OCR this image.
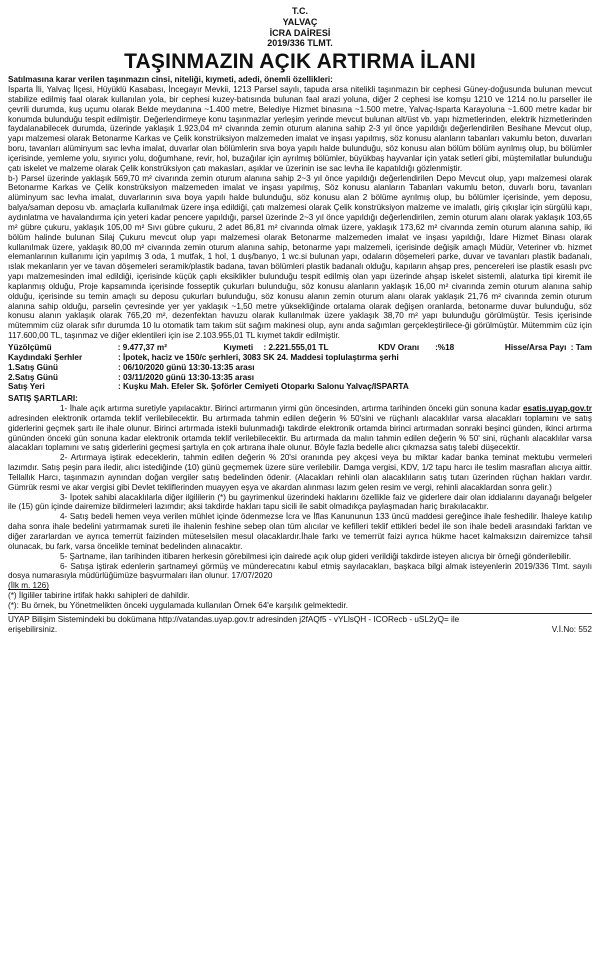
T.C.
YALVAÇ
İCRA DAİRESİ
2019/336 TLMT.
TAŞINMAZIN AÇIK ARTIRMA İLANI

Satılmasına karar verilen taşınmazın cinsi, niteliği, kıymeti, adedi, önemli özellikleri:

Isparta İli, Yalvaç İlçesi, Hüyüklü Kasabası, İncegayır Mevkii, 1213 Parsel sayılı, tapuda arsa nitelikli taşınmazın bir cephesi Güney-doğusunda bulunan mevcut stabilize edilmiş faal olarak kullanılan yola, bir cephesi kuzey-batısında bulunan faal arazi yoluna, diğer 2 cephesi ise komşu 1210 ve 1214 no.lu parseller ile çevrili durumda, kuş uçumu olarak Belde meydanına ~1.400 metre, Belediye Hizmet binasına ~1.500 metre, Yalvaç-Isparta Karayoluna ~1.600 metre kadar bir konumda bulunduğu tespit edilmiştir. Değerlendirmeye konu taşınmazlar yerleşim yerinde mevcut bulunan alt/üst vb. yapı hizmetlerinden, elektrik hizmetlerinden faydalanabilecek durumda, üzerinde yaklaşık 1.923,04 m² civarında zemin oturum alanına sahip 2-3 yıl önce yapıldığı değerlendirilen Besihane Mevcut olup, yapı malzemesi olarak Betonarme Karkas ve Çelik konstrüksiyon malzemeden imalat ve inşası yapılmış, söz konusu alanların tabanları vakumlu beton, duvarları boru, tavanları alüminyum sac levha imalat, duvarlar olan bölümlerin sıva boya yapılı halde bulunduğu, söz konusu alan bölüm bölüm ayrılmış olup, bu bölümler içerisinde, yemleme yolu, sıyırıcı yolu, doğumhane, revir, hol, buzağılar için ayrılmış bölümler, büyükbaş hayvanlar için yatak setleri gibi, müştemilatlar bulunduğu çatı iskelet ve malzeme olarak Çelik konstrüksiyon çatı makasları, aşıklar ve üzerinin ise sac levha ile kapatıldığı gözlenmiştir.

b-) Parsel üzerinde yaklaşık 569,70 m² civarında zemin oturum alanına sahip 2~3 yıl önce yapıldığı değerlendirilen Depo Mevcut olup, yapı malzemesi olarak Betonarme Karkas ve Çelik konstrüksiyon malzemeden imalat ve inşası yapılmış, Söz konusu alanların Tabanları vakumlu beton, duvarlı boru, tavanları alüminyum sac levha imalat, duvarlarının sıva boya yapılı halde bulunduğu, söz konusu alan 2 bölüme ayrılmış olup, bu bölümler içerisinde, yem deposu, balya/saman deposu vb. amaçlarla kullanılmak üzere inşa edildiği, çatı malzemesi olarak Çelik konstrüksiyon malzeme ve imalatlı, giriş çıkışlar için sürgülü kapı, aydınlatma ve havalandırma için yeteri kadar pencere yapıldığı, parsel üzerinde 2~3 yıl önce yapıldığı değerlendirilen, zemin oturum alanı olarak yaklaşık 103,65 m² gübre çukuru, yaklaşık 105,00 m² Sıvı gübre çukuru, 2 adet 86,81 m² civarında olmak üzere, yaklaşık 173,62 m² civarında zemin oturum alanına sahip, iki bölüm halinde bulunan Silaj Çukuru mevcut olup yapı malzemesi olarak Betonarme malzemeden imalat ve inşası yapıldığı, İdare Hizmet Binası olarak kullanılmak üzere, yaklaşık 80,00 m² civarında zemin oturum alanına sahip, betonarme yapı malzemeli, içerisinde değişik amaçlı Müdür, Veteriner vb. hizmet elemanlarının kullanımı için yapılmış 3 oda, 1 mutfak, 1 hol, 1 duş/banyo, 1 wc.si bulunan yapı, odaların döşemeleri parke, duvar ve tavanları plastik badanalı, ıslak mekanların yer ve tavan döşemeleri seramik/plastik badana, tavan bölümleri plastik badanalı olduğu, kapıların ahşap pres, pencereleri ise plastik esaslı pvc yapı malzemesinden imal edildiği, içerisinde küçük çaplı eksiklikler bulunduğu tespit edilmiş olan yapı üzerinde ahşap iskelet sistemli, alaturka tipi kiremit ile kaplanmış olduğu, Proje kapsamında içerisinde fosseptik çukurları bulunduğu, söz konusu alanların yaklaşık 16,00 m² civarında zemin oturum alanına sahip olduğu, içerisinde su temin amaçlı su deposu çukurları bulunduğu, söz konusu alanın zemin oturum alanı olarak yaklaşık 21,76 m² civarında zemin oturum alanına sahip olduğu, parselin çevresinde yer yer yaklaşık ~1,50 metre yüksekliğinde ortalama olarak değişen oranlarda, betonarme duvar bulunduğu, söz konusu alanın yaklaşık olarak 765,20 m², dezenfektan havuzu olarak kullanılmak üzere yaklaşık 38,70 m² yapı bulunduğu görülmüştür. Tesis içerisinde mütemmim cüz olarak sıfır durumda 10 lu otomatik tam takım süt sağım makinesi olup, aynı anda sağımları gerçekleştirilece-ği görülmüştür. Mütemmim cüz için 117.600,00 TL, taşınmaz ve diğer eklentileri için ise 2.103.955,01 TL kıymet takdir edilmiştir.

Yüzölçümü	: 9.477,37 m²	Kıymeti	: 2.221.555,01 TL	KDV Oranı	:%18	Hisse/Arsa Payı : Tam
Kaydındaki Şerhler	: İpotek, haciz ve 150/c şerhleri, 3083 SK 24. Maddesi toplulaştırma şerhi
1.Satış Günü	: 06/10/2020 günü 13:30-13:35 arası
2.Satış Günü	: 03/11/2020 günü 13:30-13:35 arası
Satış Yeri	: Kuşku Mah. Efeler Sk. Şoförler Cemiyeti Otoparkı Salonu Yalvaç/ISPARTA
SATIŞ ŞARTLARI:

1- İhale açık artırma suretiyle yapılacaktır. Birinci artırmanın yirmi gün öncesinden, artırma tarihinden önceki gün sonuna kadar esatis.uyap.gov.tr adresinden elektronik ortamda teklif verilebilecektir. Bu artırmada tahmin edilen değerin % 50'sini ve rüçhanlı alacaklılar varsa alacakları toplamını ve satış giderlerini geçmek şartı ile ihale olunur. Birinci artırmada istekli bulunmadığı takdirde elektronik ortamda birinci artırmadan sonraki beşinci günden, ikinci artırma gününden önceki gün sonuna kadar elektronik ortamda teklif verilebilecektir. Bu artırmada da malın tahmin edilen değerin % 50' sini, rüçhanlı alacaklılar varsa alacakları toplamını ve satış giderlerini geçmesi şartıyla en çok artırana ihale olunur. Böyle fazla bedelle alıcı çıkmazsa satış talebi düşecektir.

2- Artırmaya iştirak edeceklerin, tahmin edilen değerin % 20'si oranında pey akçesi veya bu miktar kadar banka teminat mektubu vermeleri lazımdır. Satış peşin para iledir, alıcı istediğinde (10) günü geçmemek üzere süre verilebilir. Damga vergisi, KDV, 1/2 tapu harcı ile teslim masrafları alıcıya aittir. Tellallık Harcı, taşınmazın aynından doğan vergiler satış bedelinden ödenir. (Alacakları rehinli olan alacaklıların satış tutarı üzerinden rüçhan hakları vardır. Gümrük resmi ve akar vergisi gibi Devlet tekliflerinden muayyen eşya ve akardan alınması lazım gelen resim ve vergi, rehinli alacaklardan sonra gelir.)

3- İpotek sahibi alacaklılarla diğer ilgililerin (*) bu gayrimenkul üzerindeki haklarını özellikle faiz ve giderlere dair olan iddialarını dayanağı belgeler ile (15) gün içinde dairemize bildirmeleri lazımdır; aksi takdirde hakları tapu sicili ile sabit olmadıkça paylaşmadan hariç bırakılacaktır.

4- Satış bedeli hemen veya verilen mühlet içinde ödenmezse İcra ve İflas Kanununun 133 üncü maddesi gereğince ihale feshedilir. İhaleye katılıp daha sonra ihale bedelini yatırmamak sureti ile ihalenin feshine sebep olan tüm alıcılar ve kefilleri teklif ettikleri bedel ile son ihale bedeli arasındaki farktan ve diğer zararlardan ve ayrıca temerrüt faizinden müteselsilen mesul olacaklardır.İhale farkı ve temerrüt faizi ayrıca hükme hacet kalmaksızın dairemizce tahsil olunacak, bu fark, varsa öncelikle teminat bedelinden alınacaktır.

5- Şartname, ilan tarihinden itibaren herkesin görebilmesi için dairede açık olup gideri verildiği takdirde isteyen alıcıya bir örneği gönderilebilir.

6- Satışa iştirak edenlerin şartnameyi görmüş ve münderecatını kabul etmiş sayılacakları, başkaca bilgi almak isteyenlerin 2019/336 Tlmt. sayılı dosya numarasıyla müdürlüğümüze başvurmaları ilan olunur. 17/07/2020

(İlk m. 126)
(*) İlgililer tabirine irtifak hakkı sahipleri de dahildir.
(*): Bu örnek, bu Yönetmelikten önceki uygulamada kullanılan Örnek 64'e karşılık gelmektedir.
UYAP Bilişim Sistemindeki bu dokümana http://vatandas.uyap.gov.tr adresinden j2fAQf5 - vYLlsQH - ICORecb - uSL2yQ= ile
erişebilirsiniz.	V.İ.No: 552
